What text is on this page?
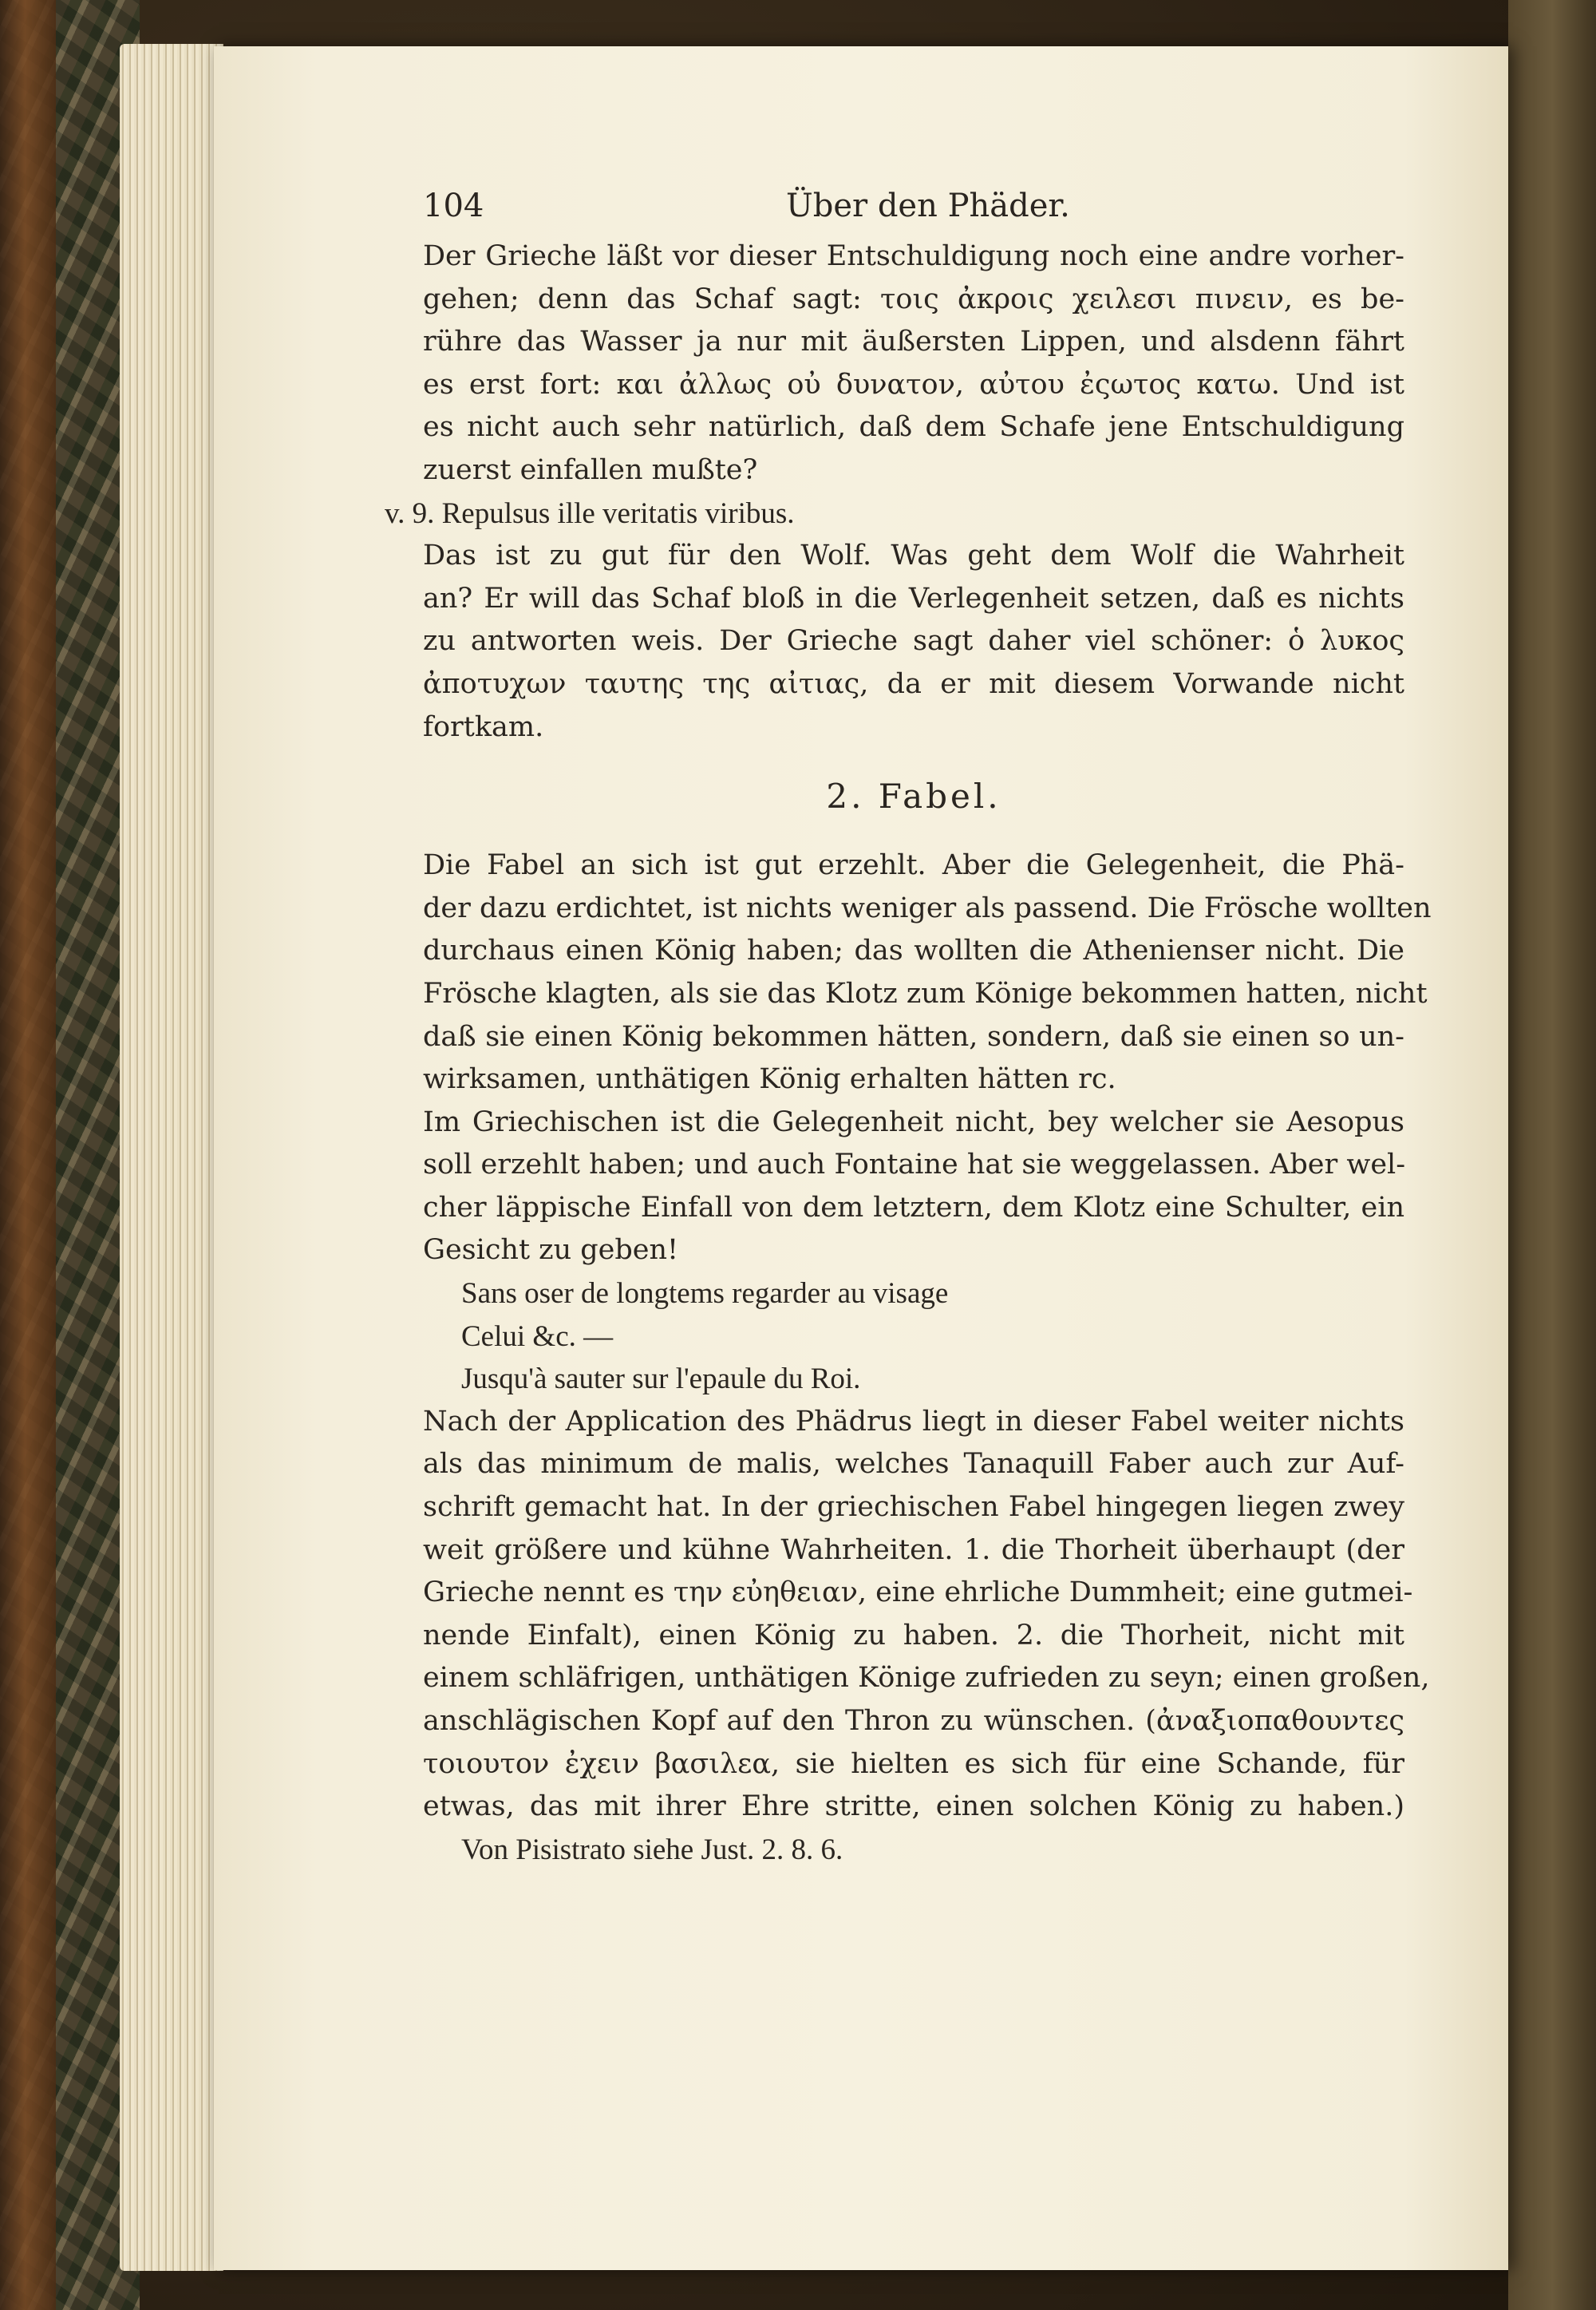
104	Über den Phäder.
Der Grieche läßt vor dieser Entschuldigung noch eine andre vorher-
gehen; denn das Schaf sagt: τοις ἀκροις χειλεσι πινειν, es be-
rühre das Wasser ja nur mit äußersten Lippen, und alsdenn fährt
es erst fort: και ἀλλως οὐ δυνατον, αὐτου ἐςωτος κατω. Und ist
es nicht auch sehr natürlich, daß dem Schafe jene Entschuldigung
zuerst einfallen mußte?
v. 9. Repulsus ille veritatis viribus.
Das ist zu gut für den Wolf. Was geht dem Wolf die Wahrheit
an? Er will das Schaf bloß in die Verlegenheit setzen, daß es nichts
zu antworten weis. Der Grieche sagt daher viel schöner: ὁ λυκος
ἀποτυχων ταυτης της αἰτιας, da er mit diesem Vorwande nicht
fortkam.
2. Fabel.
Die Fabel an sich ist gut erzehlt. Aber die Gelegenheit, die Phä-
der dazu erdichtet, ist nichts weniger als passend. Die Frösche wollten
durchaus einen König haben; das wollten die Athenienser nicht. Die
Frösche klagten, als sie das Klotz zum Könige bekommen hatten, nicht
daß sie einen König bekommen hätten, sondern, daß sie einen so un-
wirksamen, unthätigen König erhalten hätten rc.
Im Griechischen ist die Gelegenheit nicht, bey welcher sie Aesopus
soll erzehlt haben; und auch Fontaine hat sie weggelassen. Aber wel-
cher läppische Einfall von dem letztern, dem Klotz eine Schulter, ein
Gesicht zu geben!
Sans oser de longtems regarder au visage
Celui &c. —
Jusqu'à sauter sur l'epaule du Roi.
Nach der Application des Phädrus liegt in dieser Fabel weiter nichts
als das minimum de malis, welches Tanaquill Faber auch zur Auf-
schrift gemacht hat. In der griechischen Fabel hingegen liegen zwey
weit größere und kühne Wahrheiten. 1. die Thorheit überhaupt (der
Grieche nennt es την εὐηθειαν, eine ehrliche Dummheit; eine gutmei-
nende Einfalt), einen König zu haben. 2. die Thorheit, nicht mit
einem schläfrigen, unthätigen Könige zufrieden zu seyn; einen großen,
anschlägischen Kopf auf den Thron zu wünschen. (ἀναξιοπαθουντες
τοιουτον ἐχειν βασιλεα, sie hielten es sich für eine Schande, für
etwas, das mit ihrer Ehre stritte, einen solchen König zu haben.)
Von Pisistrato siehe Just. 2. 8. 6.
